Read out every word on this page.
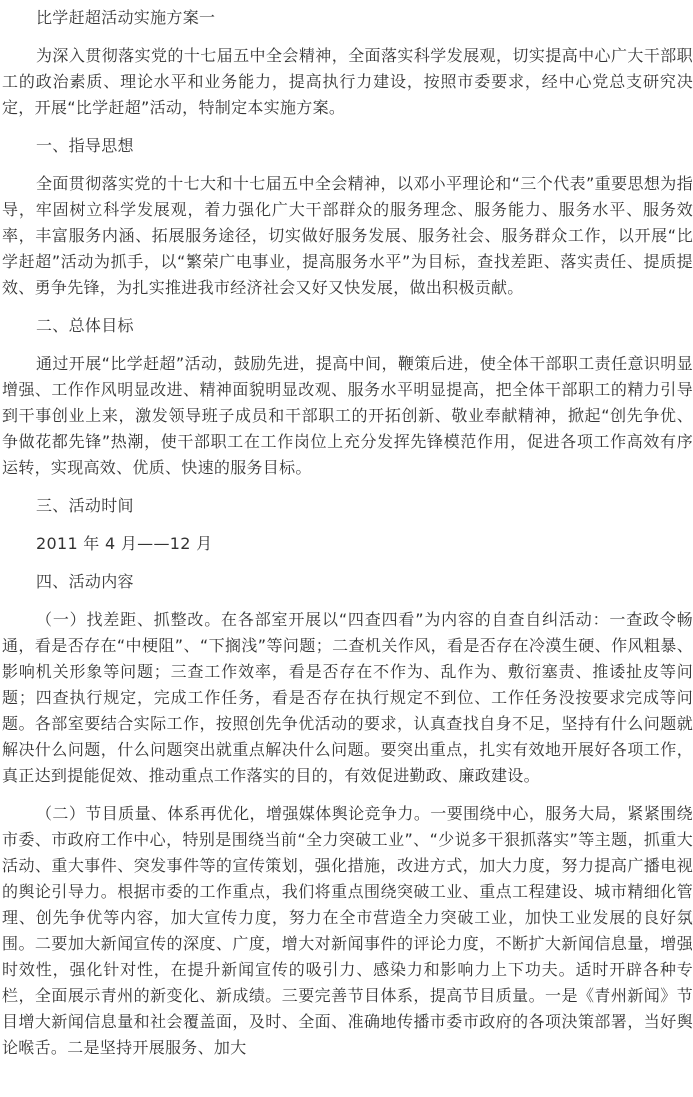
比学赶超活动实施方案一

为深入贯彻落实党的十七届五中全会精神，全面落实科学发展观，切实提高中心广大干部职工的政治素质、理论水平和业务能力，提高执行力建设，按照市委要求，经中心党总支研究决定，开展“比学赶超”活动，特制定本实施方案。

一、指导思想

全面贯彻落实党的十七大和十七届五中全会精神，以邓小平理论和“三个代表”重要思想为指导，牢固树立科学发展观，着力强化广大干部群众的服务理念、服务能力、服务水平、服务效率，丰富服务内涵、拓展服务途径，切实做好服务发展、服务社会、服务群众工作，以开展“比学赶超”活动为抓手，以“繁荣广电事业，提高服务水平”为目标，查找差距、落实责任、提质提效、勇争先锋，为扎实推进我市经济社会又好又快发展，做出积极贡献。

二、总体目标

通过开展“比学赶超”活动，鼓励先进，提高中间，鞭策后进，使全体干部职工责任意识明显增强、工作作风明显改进、精神面貌明显改观、服务水平明显提高，把全体干部职工的精力引导到干事创业上来，激发领导班子成员和干部职工的开拓创新、敬业奉献精神，掀起“创先争优、争做花都先锋”热潮，使干部职工在工作岗位上充分发挥先锋模范作用，促进各项工作高效有序运转，实现高效、优质、快速的服务目标。

三、活动时间

2011 年 4 月——12 月

四、活动内容

（一）找差距、抓整改。在各部室开展以“四查四看”为内容的自查自纠活动：一查政令畅通，看是否存在“中梗阻”、“下搁浅”等问题；二查机关作风，看是否存在冷漠生硬、作风粗暴、影响机关形象等问题；三查工作效率，看是否存在不作为、乱作为、敷衍塞责、推诿扯皮等问题；四查执行规定，完成工作任务，看是否存在执行规定不到位、工作任务没按要求完成等问题。各部室要结合实际工作，按照创先争优活动的要求，认真查找自身不足，坚持有什么问题就解决什么问题，什么问题突出就重点解决什么问题。要突出重点，扎实有效地开展好各项工作，真正达到提能促效、推动重点工作落实的目的，有效促进勤政、廉政建设。

（二）节目质量、体系再优化，增强媒体舆论竞争力。一要围绕中心，服务大局，紧紧围绕市委、市政府工作中心，特别是围绕当前“全力突破工业”、“少说多干狠抓落实”等主题，抓重大活动、重大事件、突发事件等的宣传策划，强化措施，改进方式，加大力度，努力提高广播电视的舆论引导力。根据市委的工作重点，我们将重点围绕突破工业、重点工程建设、城市精细化管理、创先争优等内容，加大宣传力度，努力在全市营造全力突破工业，加快工业发展的良好氛围。二要加大新闻宣传的深度、广度，增大对新闻事件的评论力度，不断扩大新闻信息量，增强时效性，强化针对性，在提升新闻宣传的吸引力、感染力和影响力上下功夫。适时开辟各种专栏，全面展示青州的新变化、新成绩。三要完善节目体系，提高节目质量。一是《青州新闻》节目增大新闻信息量和社会覆盖面，及时、全面、准确地传播市委市政府的各项決策部署，当好舆论喉舌。二是坚持开展服务、加大
